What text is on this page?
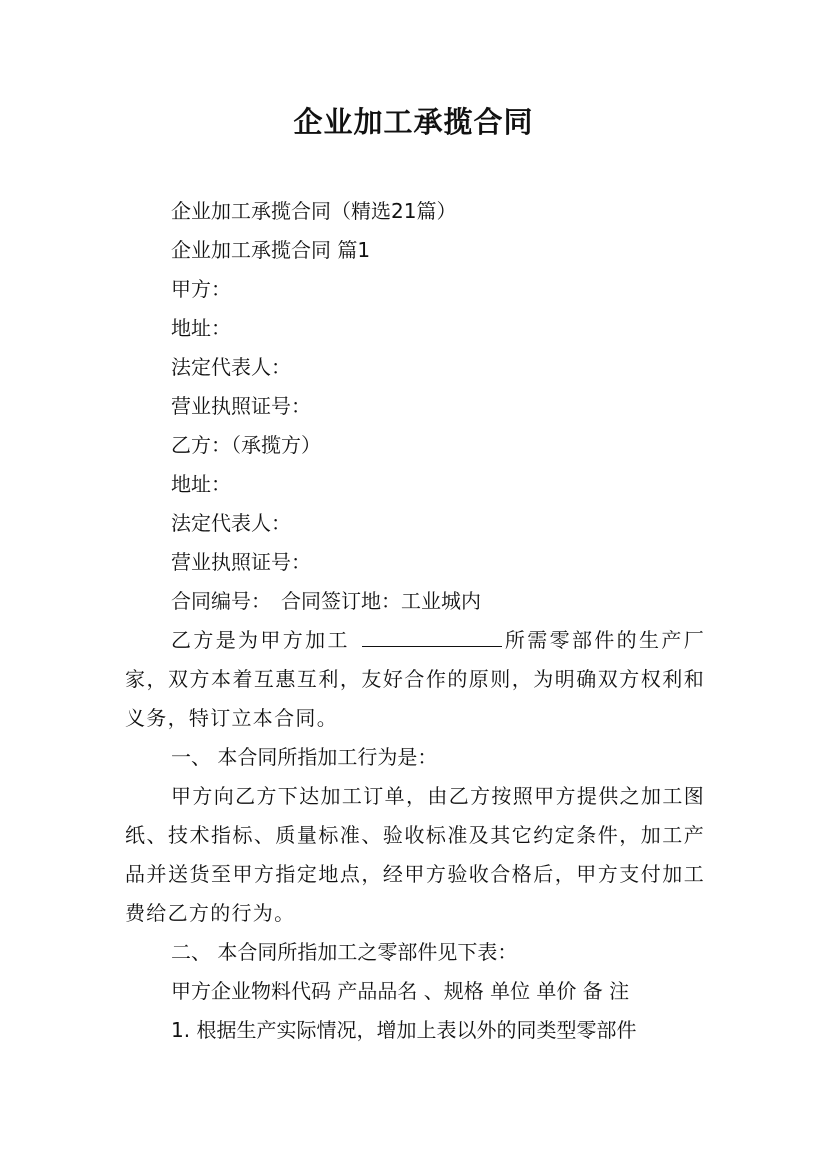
企业加工承揽合同
企业加工承揽合同（精选21篇）
企业加工承揽合同 篇1
甲方：
地址：
法定代表人：
营业执照证号：
乙方：（承揽方）
地址：
法定代表人：
营业执照证号：
合同编号： 合同签订地：工业城内
乙方是为甲方加工	所需零部件的生产厂家，双方本着互惠互利，友好合作的原则，为明确双方权利和义务，特订立本合同。
一、 本合同所指加工行为是：
甲方向乙方下达加工订单，由乙方按照甲方提供之加工图纸、技术指标、质量标准、验收标准及其它约定条件，加工产品并送货至甲方指定地点，经甲方验收合格后，甲方支付加工费给乙方的行为。
二、 本合同所指加工之零部件见下表：
甲方企业物料代码 产品品名 、规格 单位 单价 备 注
1. 根据生产实际情况，增加上表以外的同类型零部件
